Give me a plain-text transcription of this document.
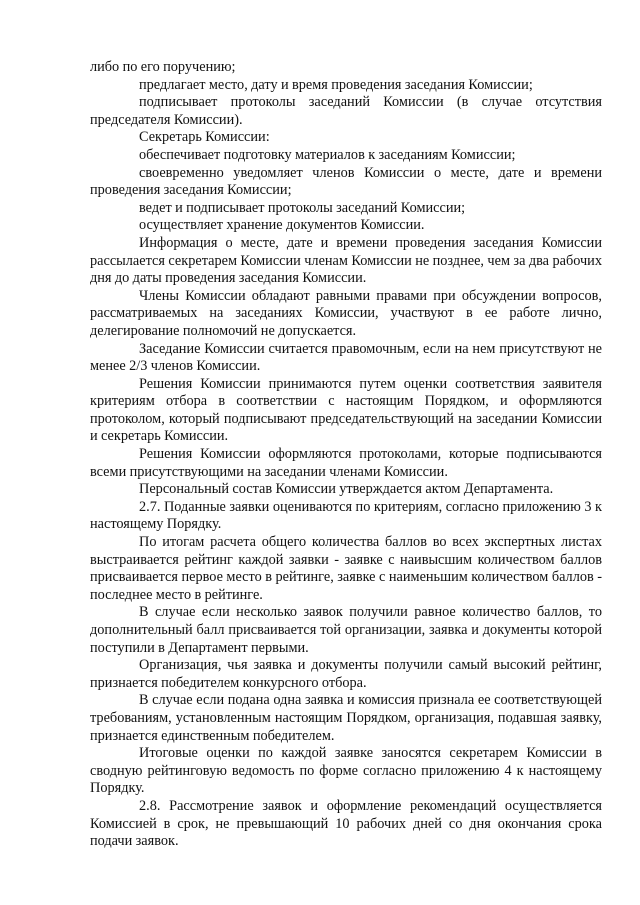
либо по его поручению;

предлагает место, дату и время проведения заседания Комиссии;

подписывает протоколы заседаний Комиссии (в случае отсутствия председателя Комиссии).

Секретарь Комиссии:

обеспечивает подготовку материалов к заседаниям Комиссии;

своевременно уведомляет членов Комиссии о месте, дате и времени проведения заседания Комиссии;

ведет и подписывает протоколы заседаний Комиссии;

осуществляет хранение документов Комиссии.

Информация о месте, дате и времени проведения заседания Комиссии рассылается секретарем Комиссии членам Комиссии не позднее, чем за два рабочих дня до даты проведения заседания Комиссии.

Члены Комиссии обладают равными правами при обсуждении вопросов, рассматриваемых на заседаниях Комиссии, участвуют в ее работе лично, делегирование полномочий не допускается.

Заседание Комиссии считается правомочным, если на нем присутствуют не менее 2/3 членов Комиссии.

Решения Комиссии принимаются путем оценки соответствия заявителя критериям отбора в соответствии с настоящим Порядком, и оформляются протоколом, который подписывают председательствующий на заседании Комиссии и секретарь Комиссии.

Решения Комиссии оформляются протоколами, которые подписываются всеми присутствующими на заседании членами Комиссии.

Персональный состав Комиссии утверждается актом Департамента.

2.7. Поданные заявки оцениваются по критериям, согласно приложению 3 к настоящему Порядку.

По итогам расчета общего количества баллов во всех экспертных листах выстраивается рейтинг каждой заявки - заявке с наивысшим количеством баллов присваивается первое место в рейтинге, заявке с наименьшим количеством баллов - последнее место в рейтинге.

В случае если несколько заявок получили равное количество баллов, то дополнительный балл присваивается той организации, заявка и документы которой поступили в Департамент первыми.

Организация, чья заявка и документы получили самый высокий рейтинг, признается победителем конкурсного отбора.

В случае если подана одна заявка и комиссия признала ее соответствующей требованиям, установленным настоящим Порядком, организация, подавшая заявку, признается единственным победителем.

Итоговые оценки по каждой заявке заносятся секретарем Комиссии в сводную рейтинговую ведомость по форме согласно приложению 4 к настоящему Порядку.

2.8. Рассмотрение заявок и оформление рекомендаций осуществляется Комиссией в срок, не превышающий 10 рабочих дней со дня окончания срока подачи заявок.
